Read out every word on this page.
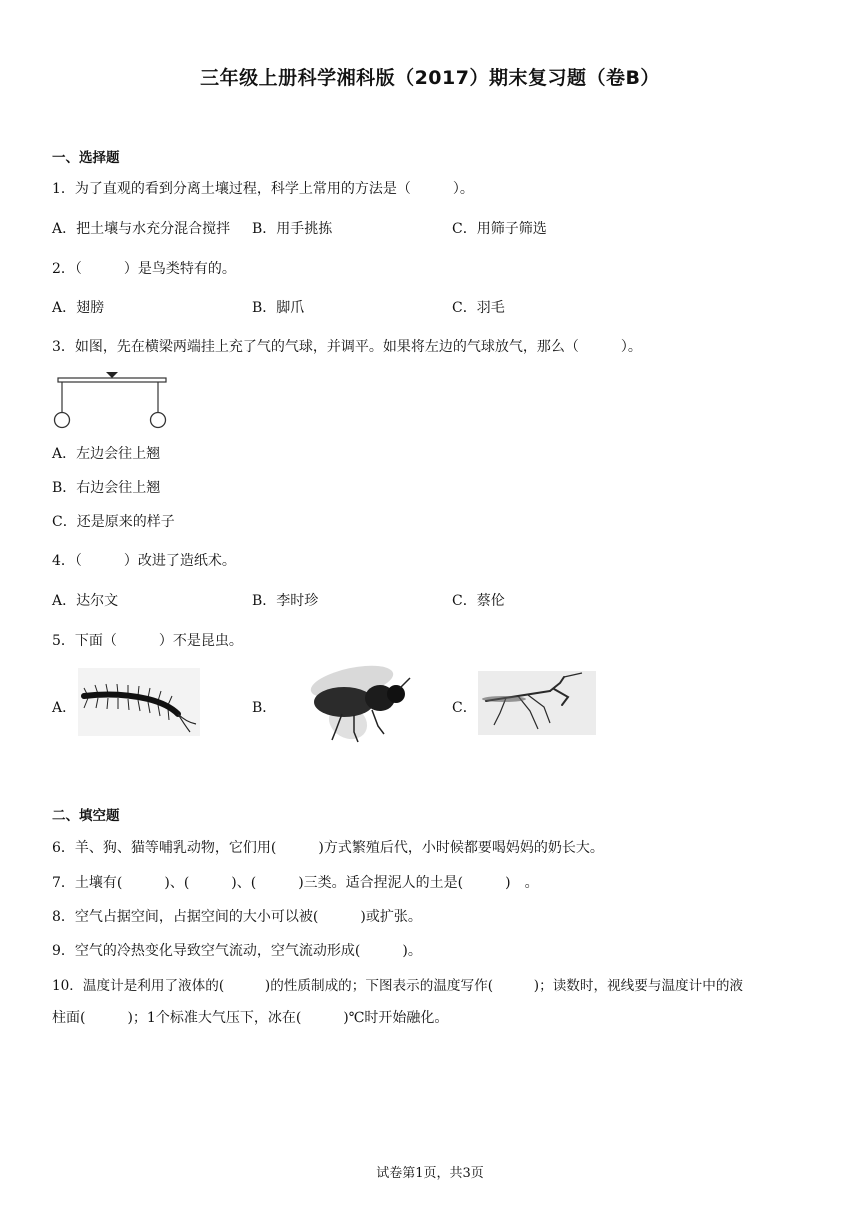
三年级上册科学湘科版（2017）期末复习题（卷B）
一、选择题
1．为了直观的看到分离土壤过程，科学上常用的方法是（　　　）。
A．把土壤与水充分混合搅拌 B．用手挑拣	C．用筛子筛选
2．（　　　）是鸟类特有的。
A．翅膀	B．脚爪	C．羽毛
3．如图，先在横梁两端挂上充了气的气球，并调平。如果将左边的气球放气，那么（　　　）。
A．左边会往上翘
B．右边会往上翘
C．还是原来的样子
4．（　　　）改进了造纸术。
A．达尔文	B．李时珍	C．蔡伦
5．下面（　　　）不是昆虫。
A．	B．	C．
二、填空题
6．羊、狗、猫等哺乳动物，它们用(　　　)方式繁殖后代，小时候都要喝妈妈的奶长大。
7．土壤有(　　　)、(　　　)、(　　　)三类。适合捏泥人的土是(　　　)　。
8．空气占据空间，占据空间的大小可以被(　　　)或扩张。
9．空气的冷热变化导致空气流动，空气流动形成(　　　)。
10．温度计是利用了液体的(　　　)的性质制成的；下图表示的温度写作(　　　)；读数时，视线要与温度计中的液
柱面(　　　)；1个标准大气压下，冰在(　　　)℃时开始融化。
试卷第1页，共3页
